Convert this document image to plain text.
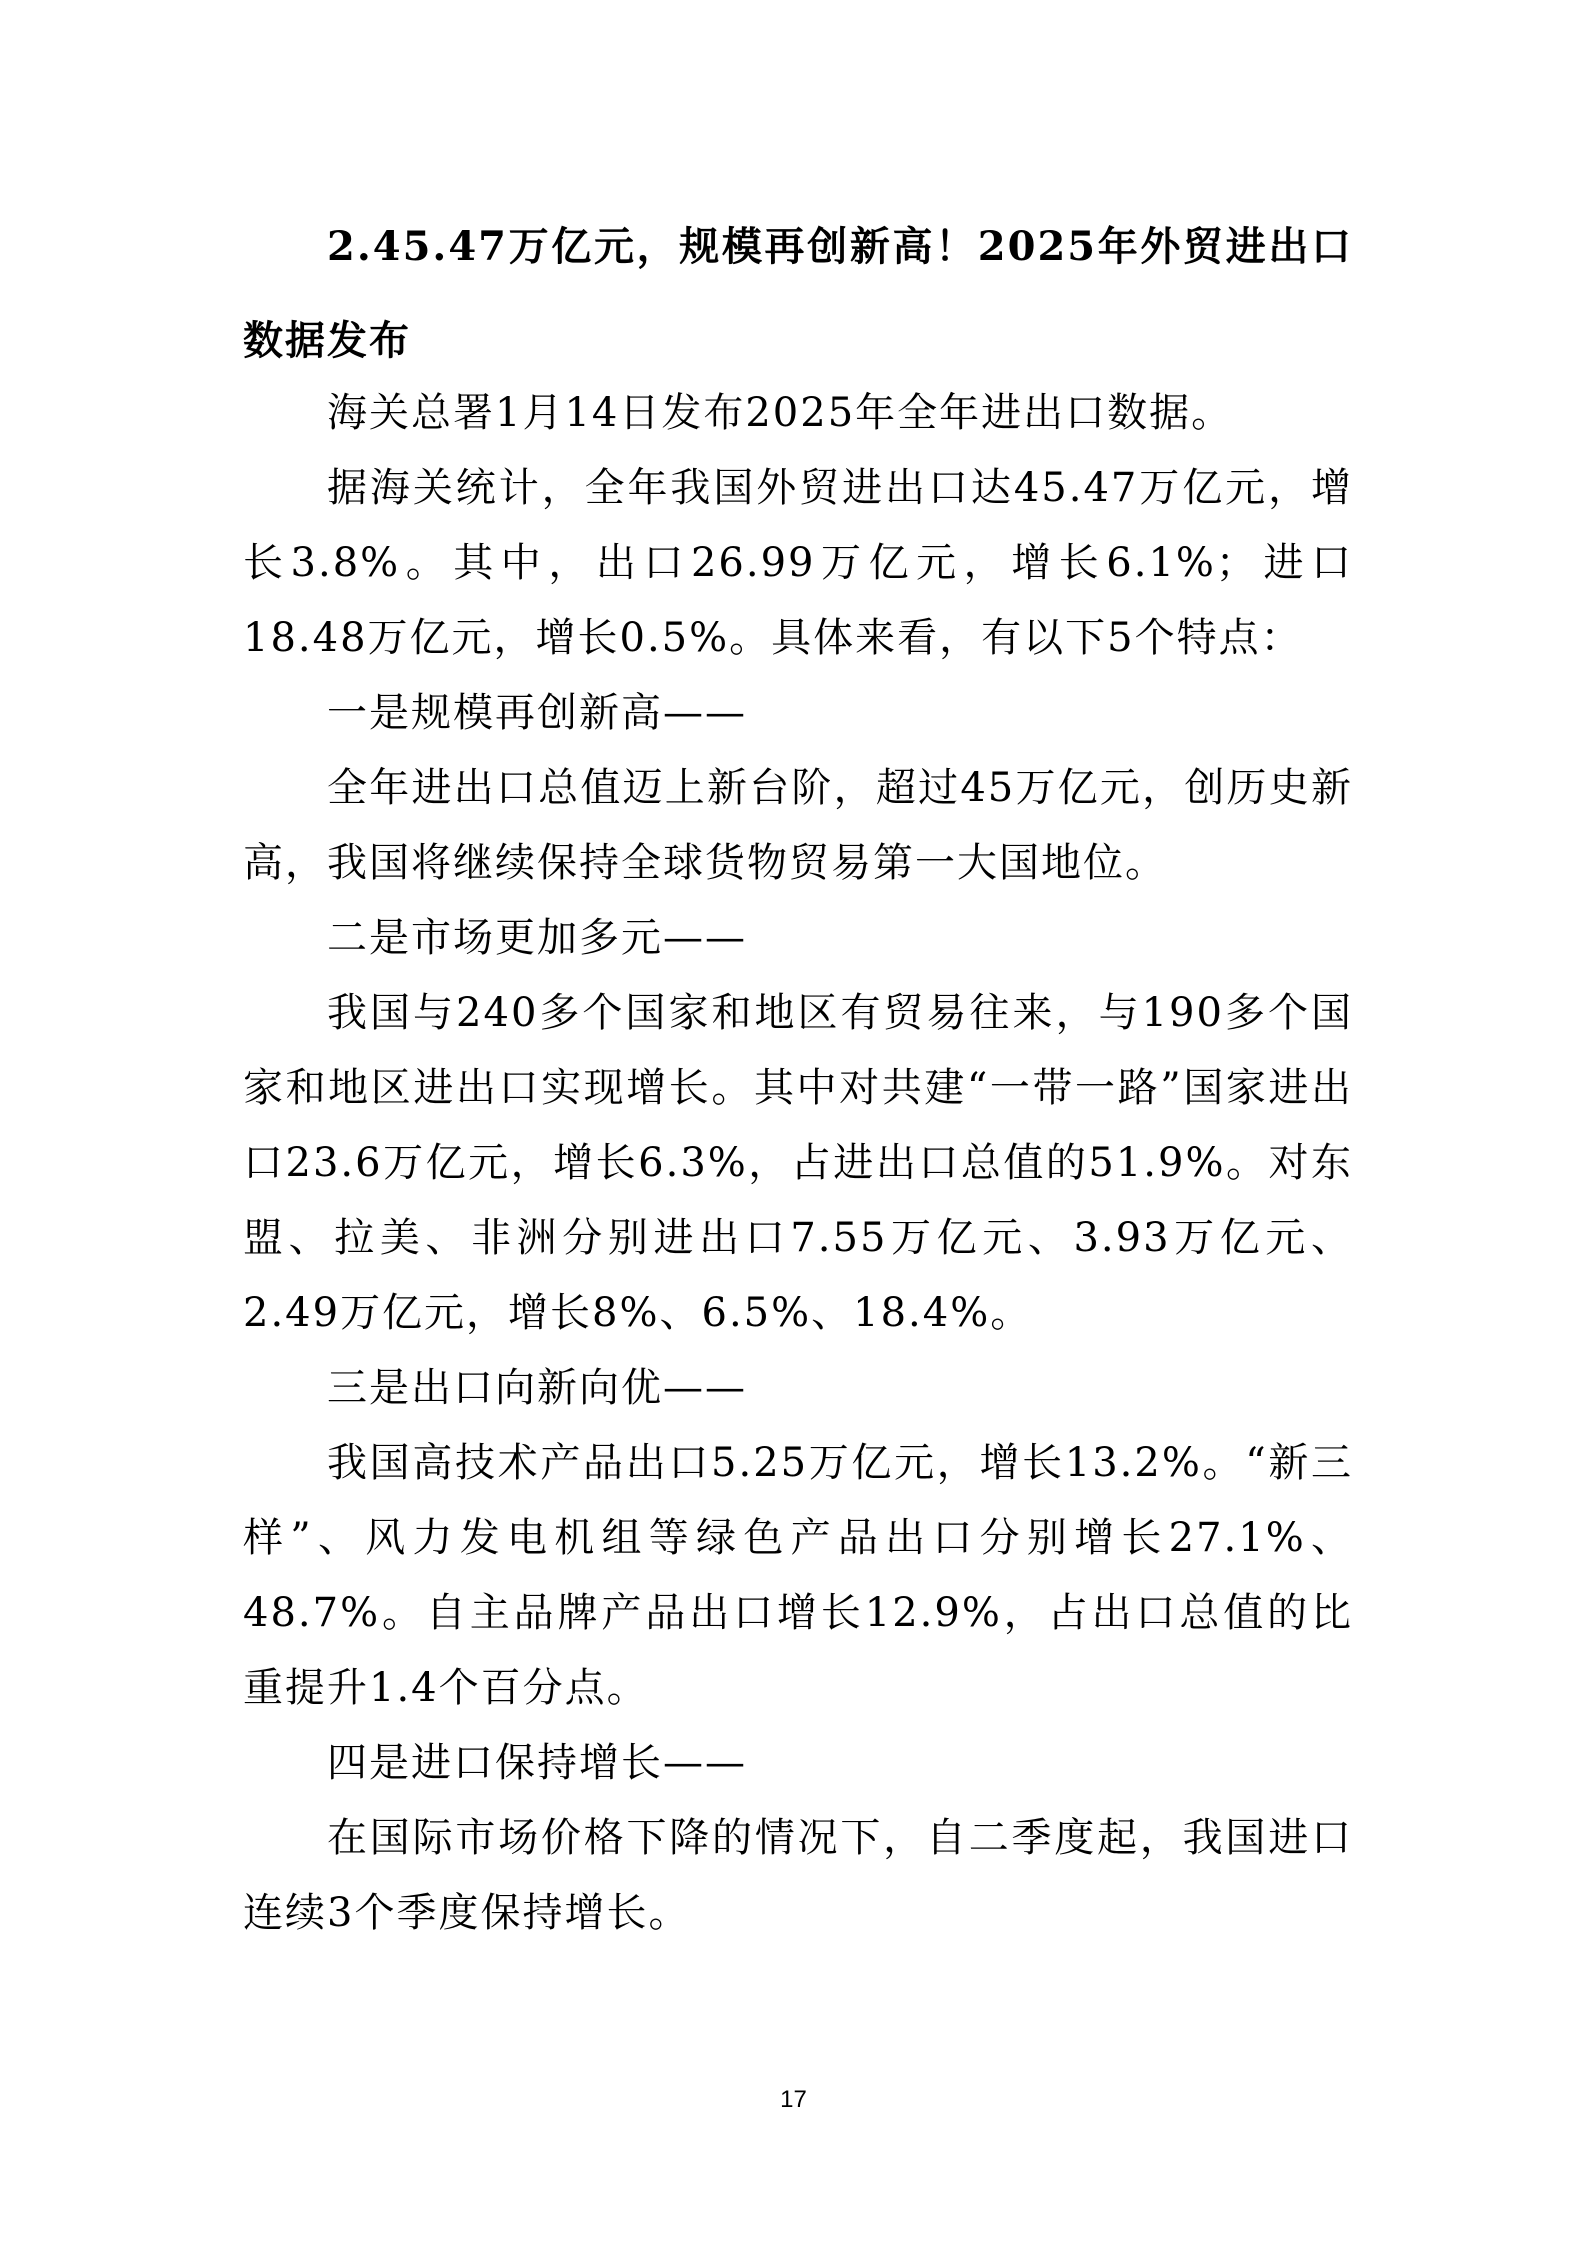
2.45.47万亿元，规模再创新高！2025年外贸进出口数据发布

海关总署1月14日发布2025年全年进出口数据。

据海关统计，全年我国外贸进出口达45.47万亿元，增长3.8%。其中，出口26.99万亿元，增长6.1%；进口18.48万亿元，增长0.5%。具体来看，有以下5个特点：

一是规模再创新高——

全年进出口总值迈上新台阶，超过45万亿元，创历史新高，我国将继续保持全球货物贸易第一大国地位。

二是市场更加多元——

我国与240多个国家和地区有贸易往来，与190多个国家和地区进出口实现增长。其中对共建“一带一路”国家进出口23.6万亿元，增长6.3%，占进出口总值的51.9%。对东盟、拉美、非洲分别进出口7.55万亿元、3.93万亿元、2.49万亿元，增长8%、6.5%、18.4%。

三是出口向新向优——

我国高技术产品出口5.25万亿元，增长13.2%。“新三样”、风力发电机组等绿色产品出口分别增长27.1%、48.7%。自主品牌产品出口增长12.9%，占出口总值的比重提升1.4个百分点。

四是进口保持增长——

在国际市场价格下降的情况下，自二季度起，我国进口连续3个季度保持增长。

17
